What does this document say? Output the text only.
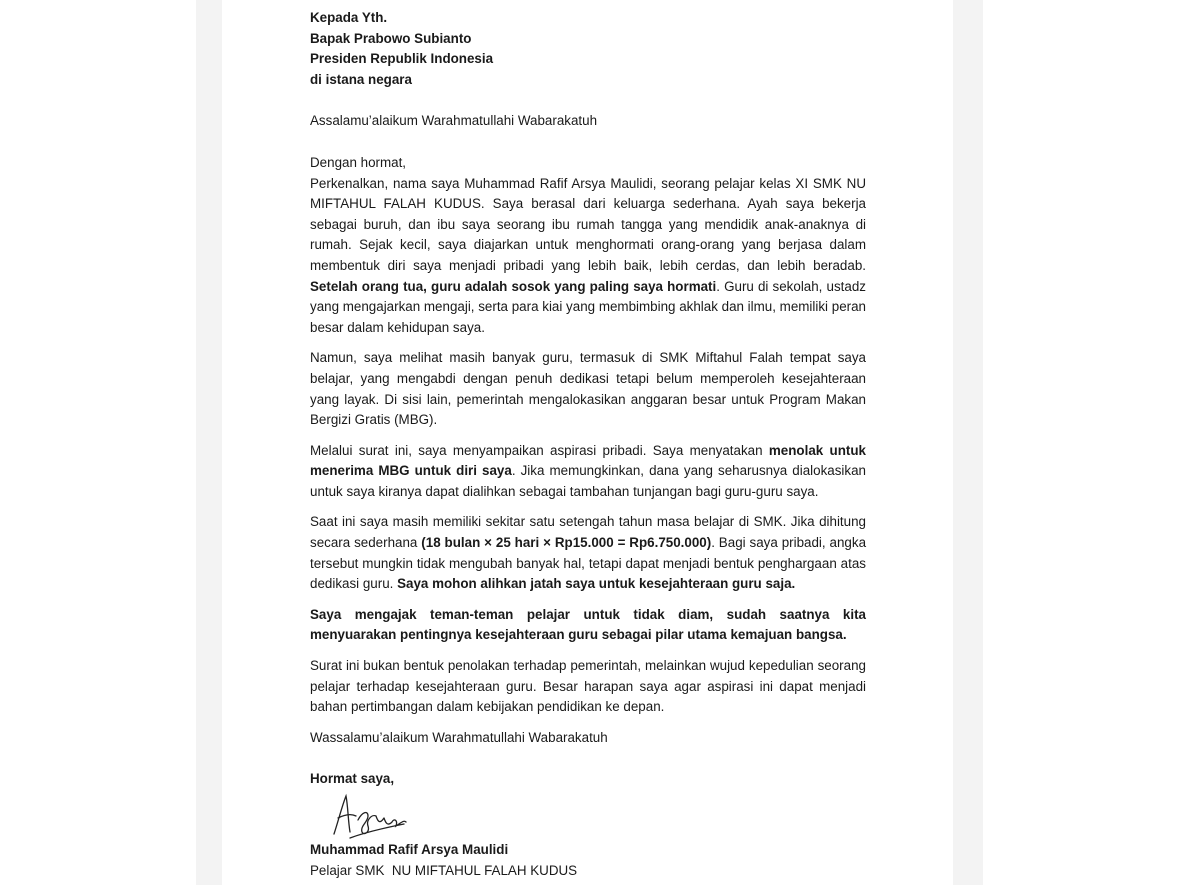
Kepada Yth.
Bapak Prabowo Subianto
Presiden Republik Indonesia
di istana negara
Assalamu’alaikum Warahmatullahi Wabarakatuh
Dengan hormat,

Perkenalkan, nama saya Muhammad Rafif Arsya Maulidi, seorang pelajar kelas XI SMK NU MIFTAHUL FALAH KUDUS. Saya berasal dari keluarga sederhana. Ayah saya bekerja sebagai buruh, dan ibu saya seorang ibu rumah tangga yang mendidik anak-anaknya di rumah. Sejak kecil, saya diajarkan untuk menghormati orang-orang yang berjasa dalam membentuk diri saya menjadi pribadi yang lebih baik, lebih cerdas, dan lebih beradab. Setelah orang tua, guru adalah sosok yang paling saya hormati. Guru di sekolah, ustadz yang mengajarkan mengaji, serta para kiai yang membimbing akhlak dan ilmu, memiliki peran besar dalam kehidupan saya.

Namun, saya melihat masih banyak guru, termasuk di SMK Miftahul Falah tempat saya belajar, yang mengabdi dengan penuh dedikasi tetapi belum memperoleh kesejahteraan yang layak. Di sisi lain, pemerintah mengalokasikan anggaran besar untuk Program Makan Bergizi Gratis (MBG).

Melalui surat ini, saya menyampaikan aspirasi pribadi. Saya menyatakan menolak untuk menerima MBG untuk diri saya. Jika memungkinkan, dana yang seharusnya dialokasikan untuk saya kiranya dapat dialihkan sebagai tambahan tunjangan bagi guru-guru saya.

Saat ini saya masih memiliki sekitar satu setengah tahun masa belajar di SMK. Jika dihitung secara sederhana (18 bulan × 25 hari × Rp15.000 = Rp6.750.000). Bagi saya pribadi, angka tersebut mungkin tidak mengubah banyak hal, tetapi dapat menjadi bentuk penghargaan atas dedikasi guru. Saya mohon alihkan jatah saya untuk kesejahteraan guru saja.

Saya mengajak teman-teman pelajar untuk tidak diam, sudah saatnya kita menyuarakan pentingnya kesejahteraan guru sebagai pilar utama kemajuan bangsa.

Surat ini bukan bentuk penolakan terhadap pemerintah, melainkan wujud kepedulian seorang pelajar terhadap kesejahteraan guru. Besar harapan saya agar aspirasi ini dapat menjadi bahan pertimbangan dalam kebijakan pendidikan ke depan.

Wassalamu’alaikum Warahmatullahi Wabarakatuh
Hormat saya,
Muhammad Rafif Arsya Maulidi
Pelajar SMK  NU MIFTAHUL FALAH KUDUS
